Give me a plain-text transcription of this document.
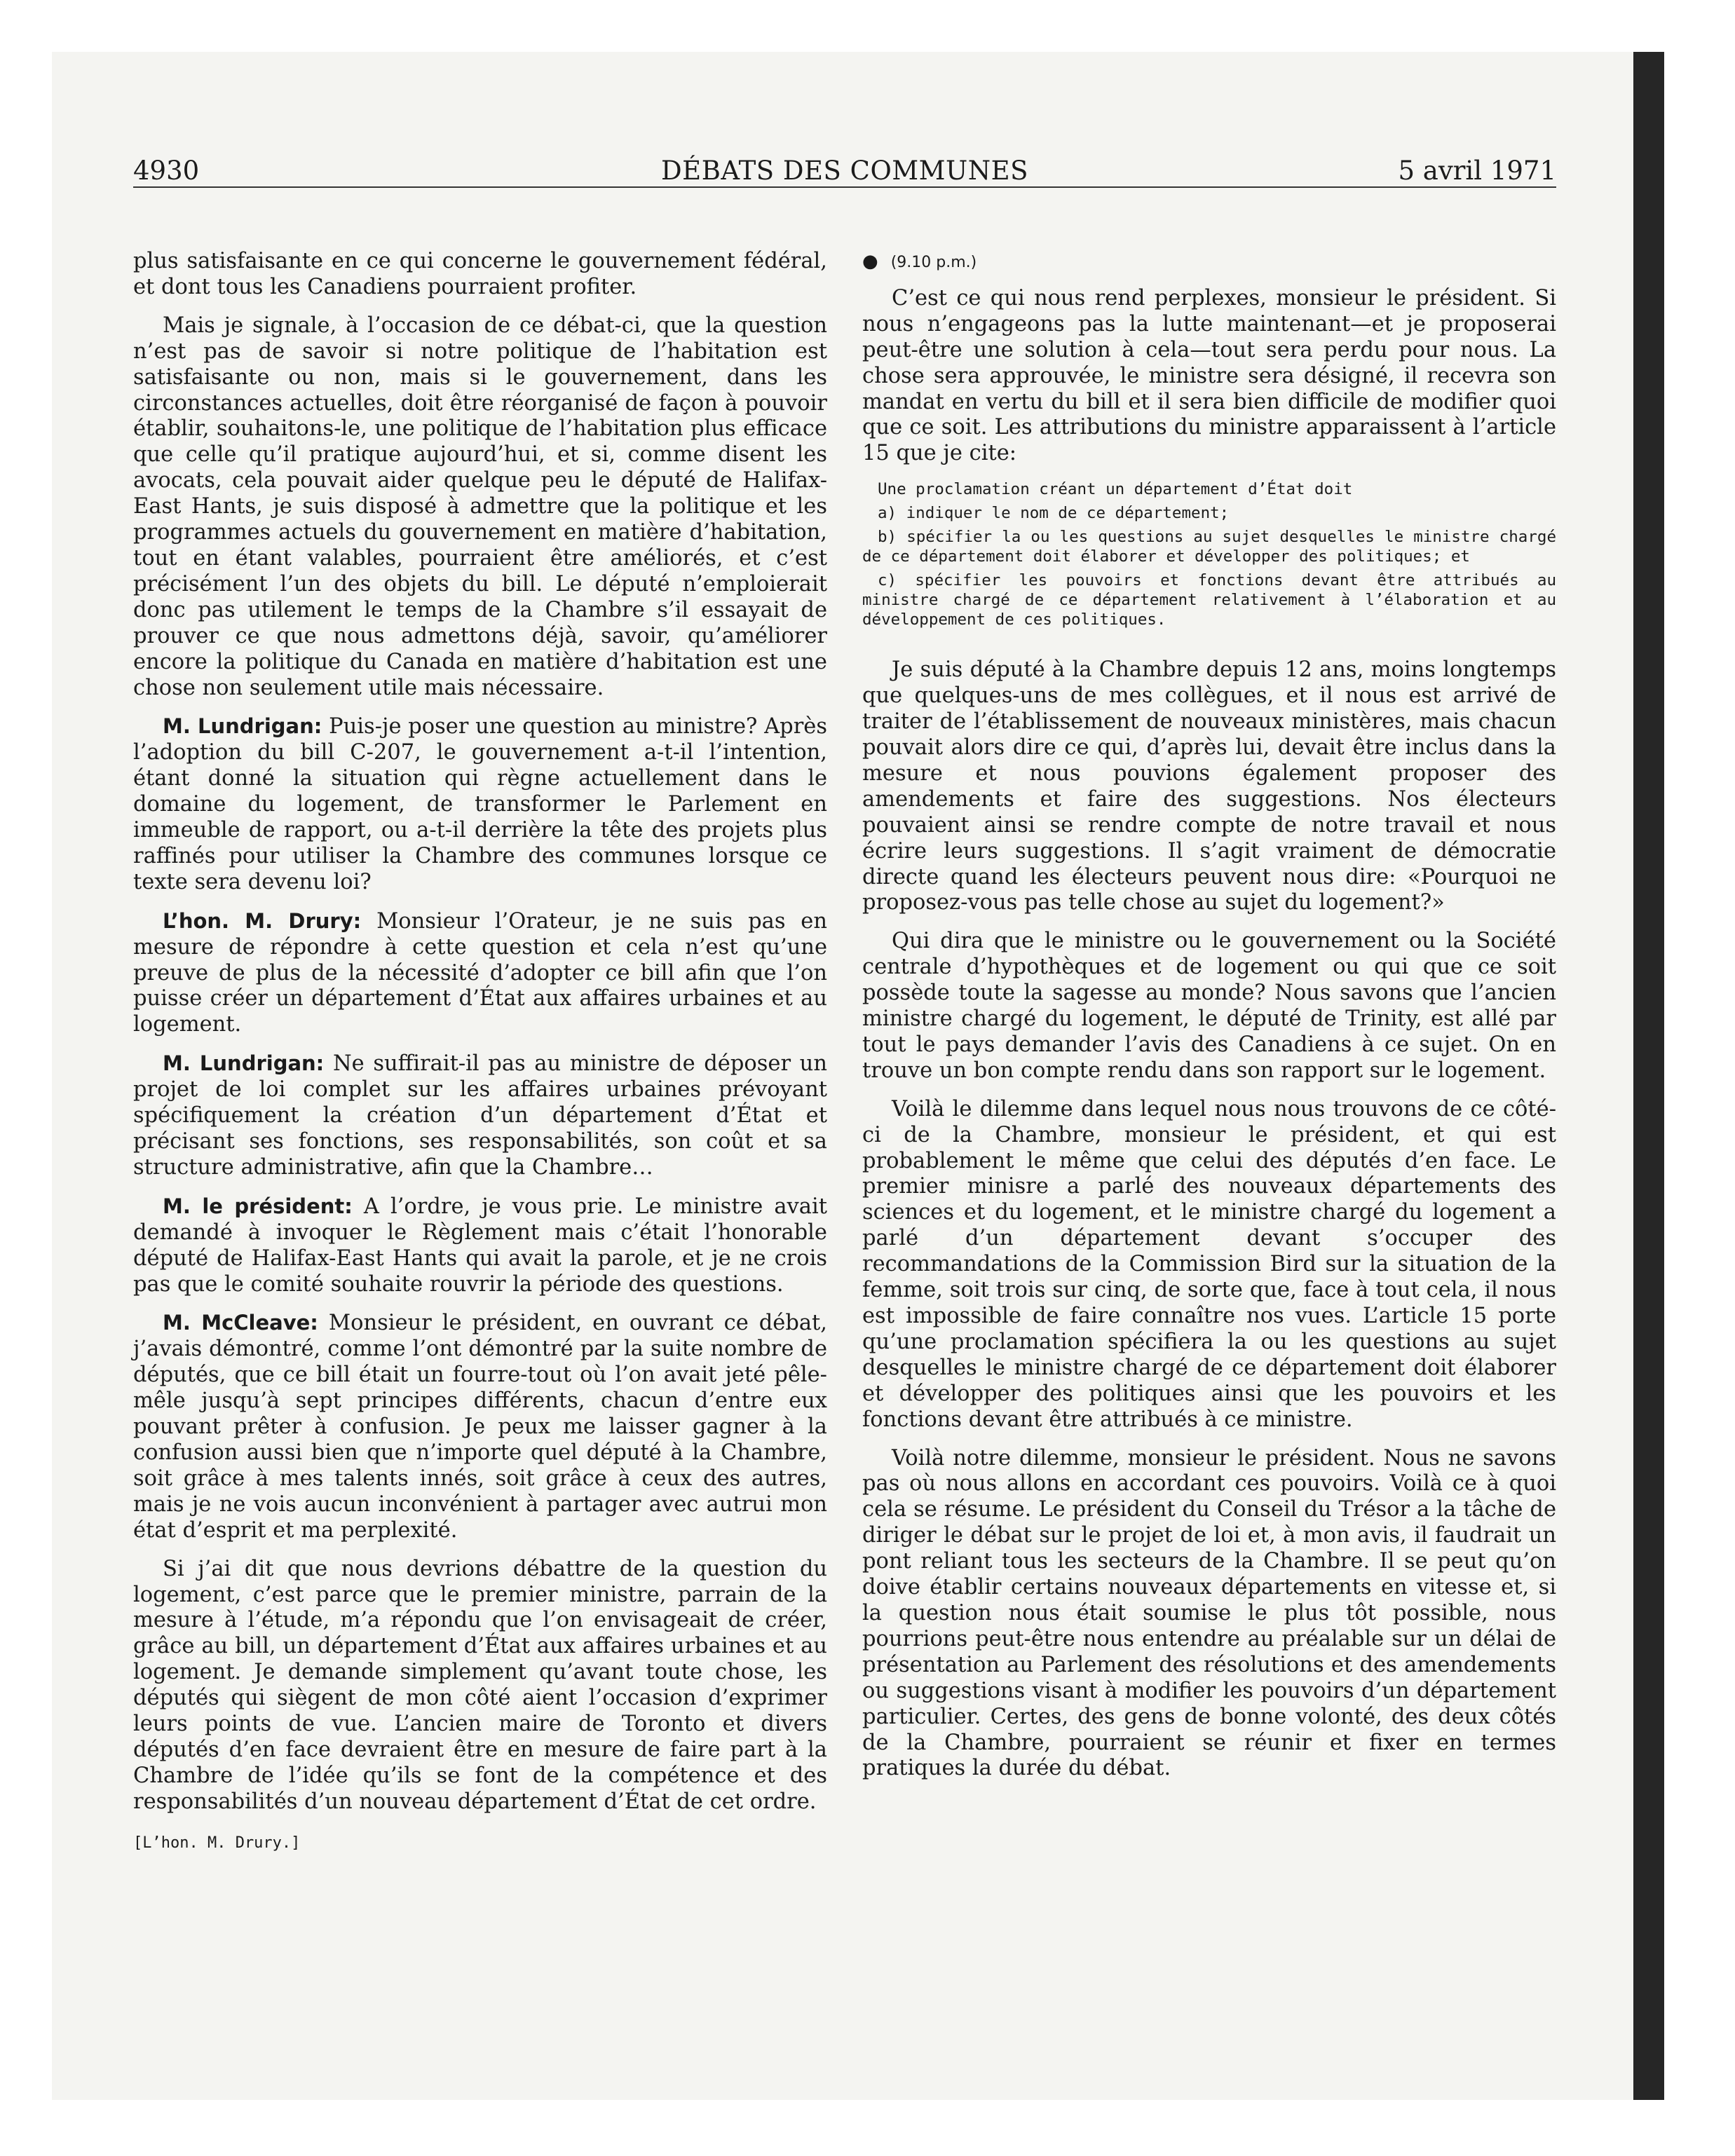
4930	DÉBATS DES COMMUNES	5 avril 1971

plus satisfaisante en ce qui concerne le gouvernement fédéral, et dont tous les Canadiens pourraient profiter.

Mais je signale, à l’occasion de ce débat-ci, que la question n’est pas de savoir si notre politique de l’habitation est satisfaisante ou non, mais si le gouvernement, dans les circonstances actuelles, doit être réorganisé de façon à pouvoir établir, souhaitons-le, une politique de l’habitation plus efficace que celle qu’il pratique aujourd’hui, et si, comme disent les avocats, cela pouvait aider quelque peu le député de Halifax-East Hants, je suis disposé à admettre que la politique et les programmes actuels du gouvernement en matière d’habitation, tout en étant valables, pourraient être améliorés, et c’est précisément l’un des objets du bill. Le député n’emploierait donc pas utilement le temps de la Chambre s’il essayait de prouver ce que nous admettons déjà, savoir, qu’améliorer encore la politique du Canada en matière d’habitation est une chose non seulement utile mais nécessaire.

M. Lundrigan: Puis-je poser une question au ministre? Après l’adoption du bill C-207, le gouvernement a-t-il l’intention, étant donné la situation qui règne actuellement dans le domaine du logement, de transformer le Parlement en immeuble de rapport, ou a-t-il derrière la tête des projets plus raffinés pour utiliser la Chambre des communes lorsque ce texte sera devenu loi?

L’hon. M. Drury: Monsieur l’Orateur, je ne suis pas en mesure de répondre à cette question et cela n’est qu’une preuve de plus de la nécessité d’adopter ce bill afin que l’on puisse créer un département d’État aux affaires urbaines et au logement.

M. Lundrigan: Ne suffirait-il pas au ministre de déposer un projet de loi complet sur les affaires urbaines prévoyant spécifiquement la création d’un département d’État et précisant ses fonctions, ses responsabilités, son coût et sa structure administrative, afin que la Chambre…

M. le président: A l’ordre, je vous prie. Le ministre avait demandé à invoquer le Règlement mais c’était l’honorable député de Halifax-East Hants qui avait la parole, et je ne crois pas que le comité souhaite rouvrir la période des questions.

M. McCleave: Monsieur le président, en ouvrant ce débat, j’avais démontré, comme l’ont démontré par la suite nombre de députés, que ce bill était un fourre-tout où l’on avait jeté pêle-mêle jusqu’à sept principes différents, chacun d’entre eux pouvant prêter à confusion. Je peux me laisser gagner à la confusion aussi bien que n’importe quel député à la Chambre, soit grâce à mes talents innés, soit grâce à ceux des autres, mais je ne vois aucun inconvénient à partager avec autrui mon état d’esprit et ma perplexité.

Si j’ai dit que nous devrions débattre de la question du logement, c’est parce que le premier ministre, parrain de la mesure à l’étude, m’a répondu que l’on envisageait de créer, grâce au bill, un département d’État aux affaires urbaines et au logement. Je demande simplement qu’avant toute chose, les députés qui siègent de mon côté aient l’occasion d’exprimer leurs points de vue. L’ancien maire de Toronto et divers députés d’en face devraient être en mesure de faire part à la Chambre de l’idée qu’ils se font de la compétence et des responsabilités d’un nouveau département d’État de cet ordre.

[L’hon. M. Drury.]
● (9.10 p.m.)

C’est ce qui nous rend perplexes, monsieur le président. Si nous n’engageons pas la lutte maintenant—et je proposerai peut-être une solution à cela—tout sera perdu pour nous. La chose sera approuvée, le ministre sera désigné, il recevra son mandat en vertu du bill et il sera bien difficile de modifier quoi que ce soit. Les attributions du ministre apparaissent à l’article 15 que je cite:

Une proclamation créant un département d’État doit

a) indiquer le nom de ce département;

b) spécifier la ou les questions au sujet desquelles le ministre chargé de ce département doit élaborer et développer des politiques; et

c) spécifier les pouvoirs et fonctions devant être attribués au ministre chargé de ce département relativement à l’élaboration et au développement de ces politiques.

Je suis député à la Chambre depuis 12 ans, moins longtemps que quelques-uns de mes collègues, et il nous est arrivé de traiter de l’établissement de nouveaux ministères, mais chacun pouvait alors dire ce qui, d’après lui, devait être inclus dans la mesure et nous pouvions également proposer des amendements et faire des suggestions. Nos électeurs pouvaient ainsi se rendre compte de notre travail et nous écrire leurs suggestions. Il s’agit vraiment de démocratie directe quand les électeurs peuvent nous dire: «Pourquoi ne proposez-vous pas telle chose au sujet du logement?»

Qui dira que le ministre ou le gouvernement ou la Société centrale d’hypothèques et de logement ou qui que ce soit possède toute la sagesse au monde? Nous savons que l’ancien ministre chargé du logement, le député de Trinity, est allé par tout le pays demander l’avis des Canadiens à ce sujet. On en trouve un bon compte rendu dans son rapport sur le logement.

Voilà le dilemme dans lequel nous nous trouvons de ce côté-ci de la Chambre, monsieur le président, et qui est probablement le même que celui des députés d’en face. Le premier minisre a parlé des nouveaux départements des sciences et du logement, et le ministre chargé du logement a parlé d’un département devant s’occuper des recommandations de la Commission Bird sur la situation de la femme, soit trois sur cinq, de sorte que, face à tout cela, il nous est impossible de faire connaître nos vues. L’article 15 porte qu’une proclamation spécifiera la ou les questions au sujet desquelles le ministre chargé de ce département doit élaborer et développer des politiques ainsi que les pouvoirs et les fonctions devant être attribués à ce ministre.

Voilà notre dilemme, monsieur le président. Nous ne savons pas où nous allons en accordant ces pouvoirs. Voilà ce à quoi cela se résume. Le président du Conseil du Trésor a la tâche de diriger le débat sur le projet de loi et, à mon avis, il faudrait un pont reliant tous les secteurs de la Chambre. Il se peut qu’on doive établir certains nouveaux départements en vitesse et, si la question nous était soumise le plus tôt possible, nous pourrions peut-être nous entendre au préalable sur un délai de présentation au Parlement des résolutions et des amendements ou suggestions visant à modifier les pouvoirs d’un département particulier. Certes, des gens de bonne volonté, des deux côtés de la Chambre, pourraient se réunir et fixer en termes pratiques la durée du débat.
